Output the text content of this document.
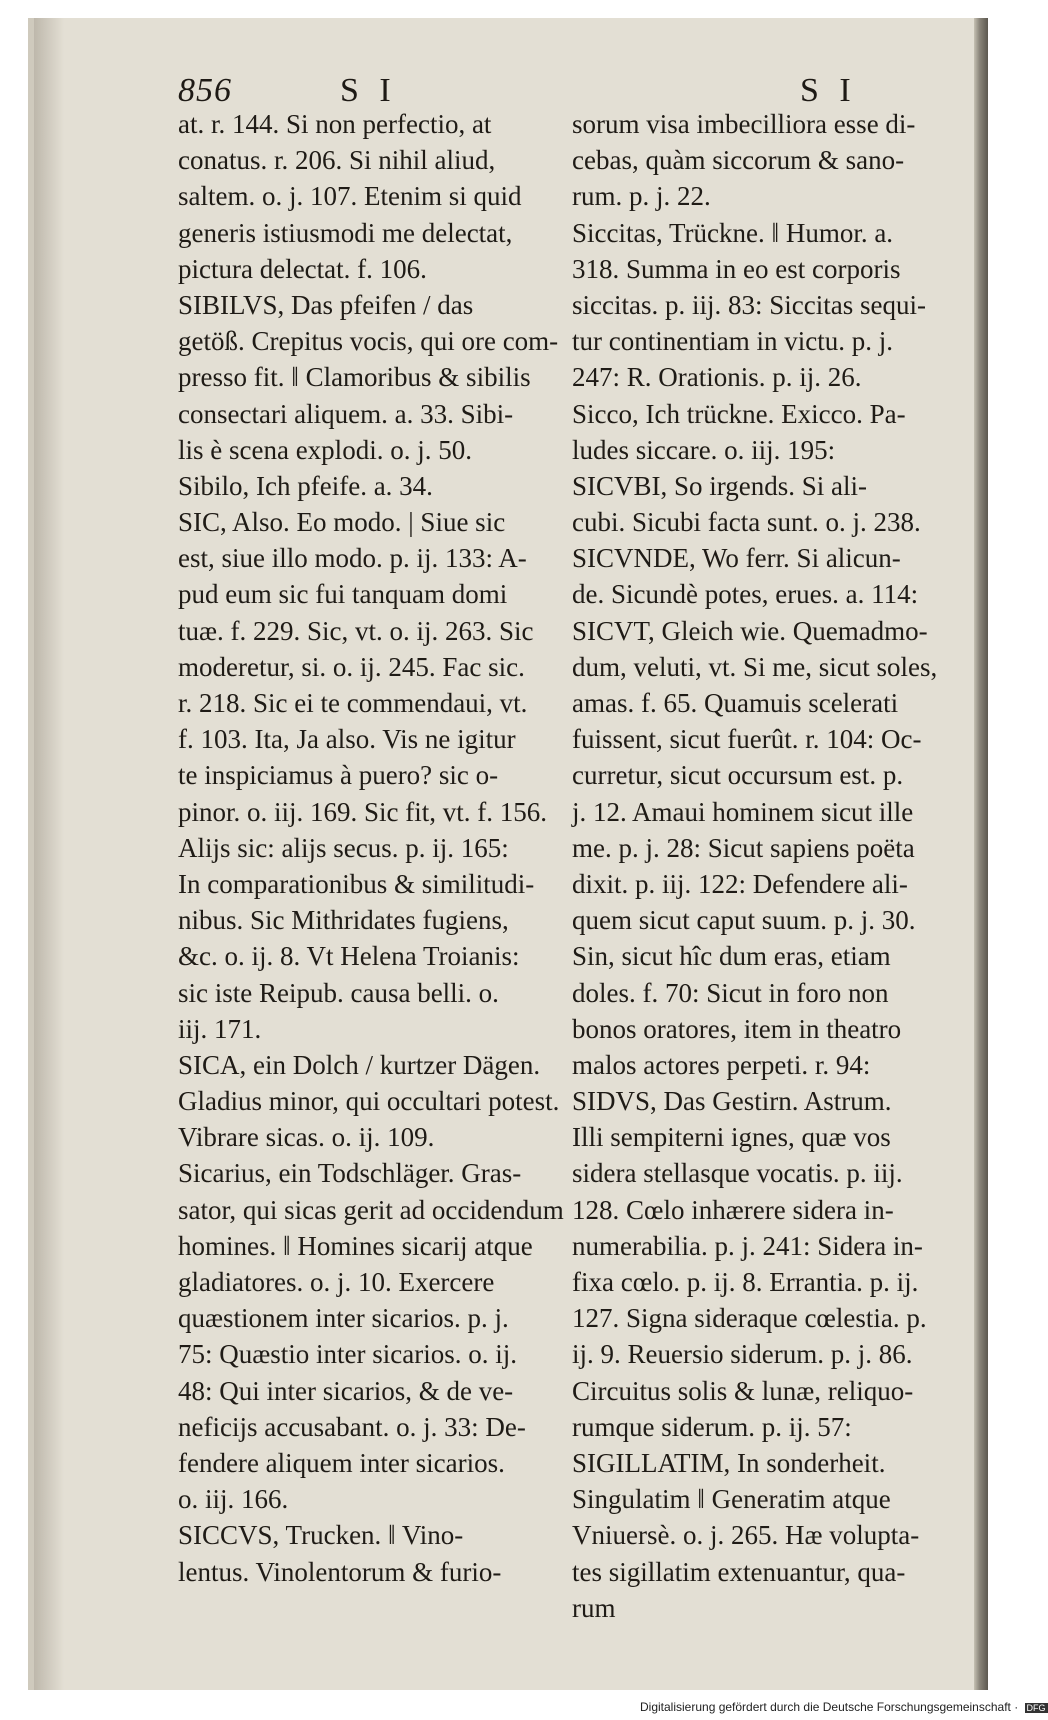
856	S I	S I
at. r. 144. Si non perfectio, at
conatus. r. 206. Si nihil aliud,
saltem. o. j. 107. Etenim si quid
generis istiusmodi me delectat,
pictura delectat. f. 106.
SIBILVS, Das pfeifen / das
getöß. Crepitus vocis, qui ore com-
presso fit. ‖ Clamoribus & sibilis
consectari aliquem. a. 33. Sibi-
lis è scena explodi. o. j. 50.
Sibilo, Ich pfeife. a. 34.
SIC, Also. Eo modo. | Siue sic
est, siue illo modo. p. ij. 133: A-
pud eum sic fui tanquam domi
tuæ. f. 229. Sic, vt. o. ij. 263. Sic
moderetur, si. o. ij. 245. Fac sic.
r. 218. Sic ei te commendaui, vt.
f. 103. Ita, Ja also. Vis ne igitur
te inspiciamus à puero? sic o-
pinor. o. iij. 169. Sic fit, vt. f. 156.
Alijs sic: alijs secus. p. ij. 165:
In comparationibus & similitudi-
nibus. Sic Mithridates fugiens,
&c. o. ij. 8. Vt Helena Troianis:
sic iste Reipub. causa belli. o.
iij. 171.
SICA, ein Dolch / kurtzer Dägen.
Gladius minor, qui occultari potest.
Vibrare sicas. o. ij. 109.
Sicarius, ein Todschläger. Gras-
sator, qui sicas gerit ad occidendum
homines. ‖ Homines sicarij atque
gladiatores. o. j. 10. Exercere
quæstionem inter sicarios. p. j.
75: Quæstio inter sicarios. o. ij.
48: Qui inter sicarios, & de ve-
neficijs accusabant. o. j. 33: De-
fendere aliquem inter sicarios.
o. iij. 166.
SICCVS, Trucken. ‖ Vino-
lentus. Vinolentorum & furio-
sorum visa imbecilliora esse di-
cebas, quàm siccorum & sano-
rum. p. j. 22.
Siccitas, Trückne. ‖ Humor. a.
318. Summa in eo est corporis
siccitas. p. iij. 83: Siccitas sequi-
tur continentiam in victu. p. j.
247: R. Orationis. p. ij. 26.
Sicco, Ich trückne. Exicco. Pa-
ludes siccare. o. iij. 195:
SICVBI, So irgends. Si ali-
cubi. Sicubi facta sunt. o. j. 238.
SICVNDE, Wo ferr. Si alicun-
de. Sicundè potes, erues. a. 114:
SICVT, Gleich wie. Quemadmo-
dum, veluti, vt. Si me, sicut soles,
amas. f. 65. Quamuis scelerati
fuissent, sicut fuerût. r. 104: Oc-
curretur, sicut occursum est. p.
j. 12. Amaui hominem sicut ille
me. p. j. 28: Sicut sapiens poëta
dixit. p. iij. 122: Defendere ali-
quem sicut caput suum. p. j. 30.
Sin, sicut hîc dum eras, etiam
doles. f. 70: Sicut in foro non
bonos oratores, item in theatro
malos actores perpeti. r. 94:
SIDVS, Das Gestirn. Astrum.
Illi sempiterni ignes, quæ vos
sidera stellasque vocatis. p. iij.
128. Cœlo inhærere sidera in-
numerabilia. p. j. 241: Sidera in-
fixa cœlo. p. ij. 8. Errantia. p. ij.
127. Signa sideraque cœlestia. p.
ij. 9. Reuersio siderum. p. j. 86.
Circuitus solis & lunæ, reliquo-
rumque siderum. p. ij. 57:
SIGILLATIM, In sonderheit.
Singulatim ‖ Generatim atque
Vniuersè. o. j. 265. Hæ volupta-
tes sigillatim extenuantur, qua-
rum
Digitalisierung gefördert durch die Deutsche Forschungsgemeinschaft · DFG
